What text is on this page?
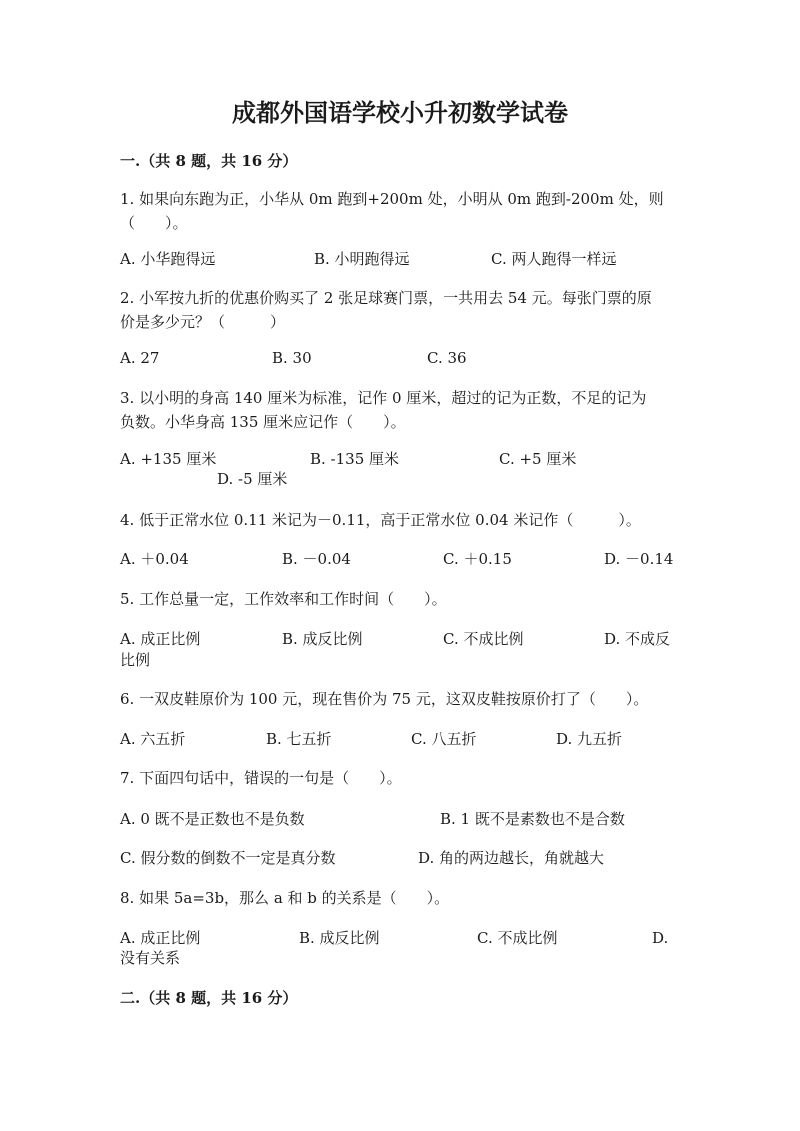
成都外国语学校小升初数学试卷
一.（共 8 题，共 16 分）
1. 如果向东跑为正，小华从 0m 跑到+200m 处，小明从 0m 跑到-200m 处，则
（　　）。
A. 小华跑得远	B. 小明跑得远	C. 两人跑得一样远
2. 小军按九折的优惠价购买了 2 张足球赛门票，一共用去 54 元。每张门票的原
价是多少元？（　　　）
A. 27	B. 30	C. 36
3. 以小明的身高 140 厘米为标准，记作 0 厘米，超过的记为正数，不足的记为
负数。小华身高 135 厘米应记作（　　）。
A. +135 厘米	B. -135 厘米	C. +5 厘米
D. -5 厘米
4. 低于正常水位 0.11 米记为－0.11，高于正常水位 0.04 米记作（　　　）。
A. ＋0.04	B. －0.04	C. ＋0.15	D. －0.14
5. 工作总量一定，工作效率和工作时间（　　）。
A. 成正比例	B. 成反比例	C. 不成比例	D. 不成反
比例
6. 一双皮鞋原价为 100 元，现在售价为 75 元，这双皮鞋按原价打了（　　）。
A. 六五折	B. 七五折	C. 八五折	D. 九五折
7. 下面四句话中，错误的一句是（　　）。
A. 0 既不是正数也不是负数	B. 1 既不是素数也不是合数
C. 假分数的倒数不一定是真分数	D. 角的两边越长，角就越大
8. 如果 5a=3b，那么 a 和 b 的关系是（　　）。
A. 成正比例	B. 成反比例	C. 不成比例	D.
没有关系
二.（共 8 题，共 16 分）
